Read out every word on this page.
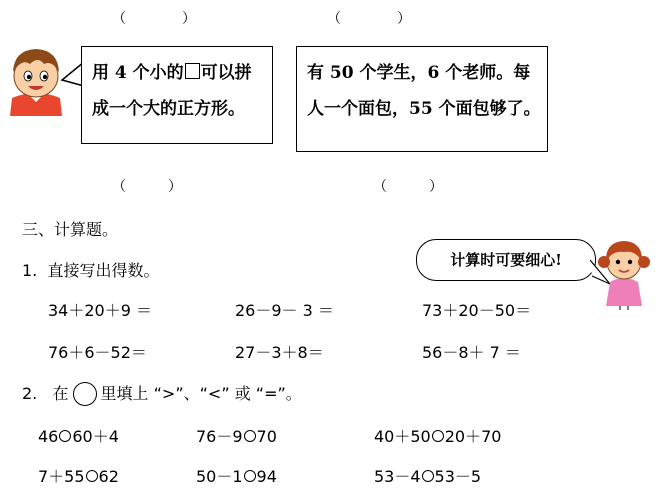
（　　　　）	（　　　　）
用 4 个小的 可以拼
成一个大的正方形。
有 50 个学生，6 个老师。每
人一个面包，55 个面包够了。
（　　　）	（　　　）
三、计算题。
1. 直接写出得数。
计算时可要细心!
34＋20＋9 ＝	26－9－ 3 ＝	73＋20－50＝
76＋6－52＝	27－3＋8＝	56－8＋ 7 ＝
2. 在 里填上 “>”、“<” 或 “=”。
46 60＋4	76－9 70	40＋50 20＋70
7＋55 62	50－1 94	53－4 53－5
